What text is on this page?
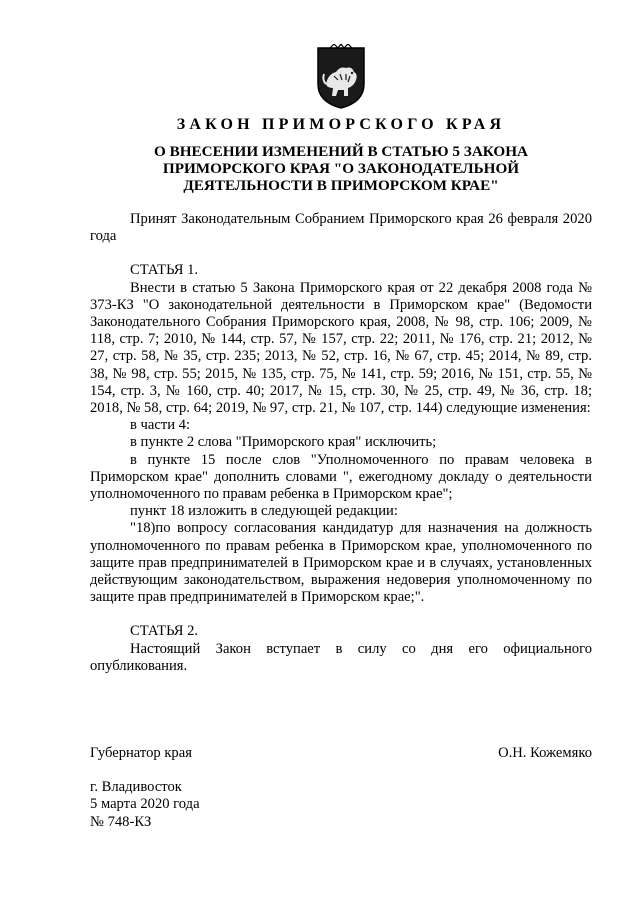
ЗАКОН ПРИМОРСКОГО КРАЯ
О ВНЕСЕНИИ ИЗМЕНЕНИЙ В СТАТЬЮ 5 ЗАКОНА
ПРИМОРСКОГО КРАЯ "О ЗАКОНОДАТЕЛЬНОЙ
ДЕЯТЕЛЬНОСТИ В ПРИМОРСКОМ КРАЕ"

Принят Законодательным Собранием Приморского края 26 февраля 2020 года

СТАТЬЯ 1.

Внести в статью 5 Закона Приморского края от 22 декабря 2008 года № 373-КЗ "О законодательной деятельности в Приморском крае" (Ведомости Законодательного Собрания Приморского края, 2008, № 98, стр. 106; 2009, № 118, стр. 7; 2010, № 144, стр. 57, № 157, стр. 22; 2011, № 176, стр. 21; 2012, № 27, стр. 58, № 35, стр. 235; 2013, № 52, стр. 16, № 67, стр. 45; 2014, № 89, стр. 38, № 98, стр. 55; 2015, № 135, стр. 75, № 141, стр. 59; 2016, № 151, стр. 55, № 154, стр. 3, № 160, стр. 40; 2017, № 15, стр. 30, № 25, стр. 49, № 36, стр. 18; 2018, № 58, стр. 64; 2019, № 97, стр. 21, № 107, стр. 144) следующие изменения:

в части 4:

в пункте 2 слова "Приморского края" исключить;

в пункте 15 после слов "Уполномоченного по правам человека в Приморском крае" дополнить словами ", ежегодному докладу о деятельности уполномоченного по правам ребенка в Приморском крае";

пункт 18 изложить в следующей редакции:

"18)по вопросу согласования кандидатур для назначения на должность уполномоченного по правам ребенка в Приморском крае, уполномоченного по защите прав предпринимателей в Приморском крае и в случаях, установленных действующим законодательством, выражения недоверия уполномоченному по защите прав предпринимателей в Приморском крае;".

СТАТЬЯ 2.

Настоящий Закон вступает в силу со дня его официального опубликования.

Губернатор края	О.Н. Кожемяко

г. Владивосток

5 марта 2020 года

№ 748-КЗ
